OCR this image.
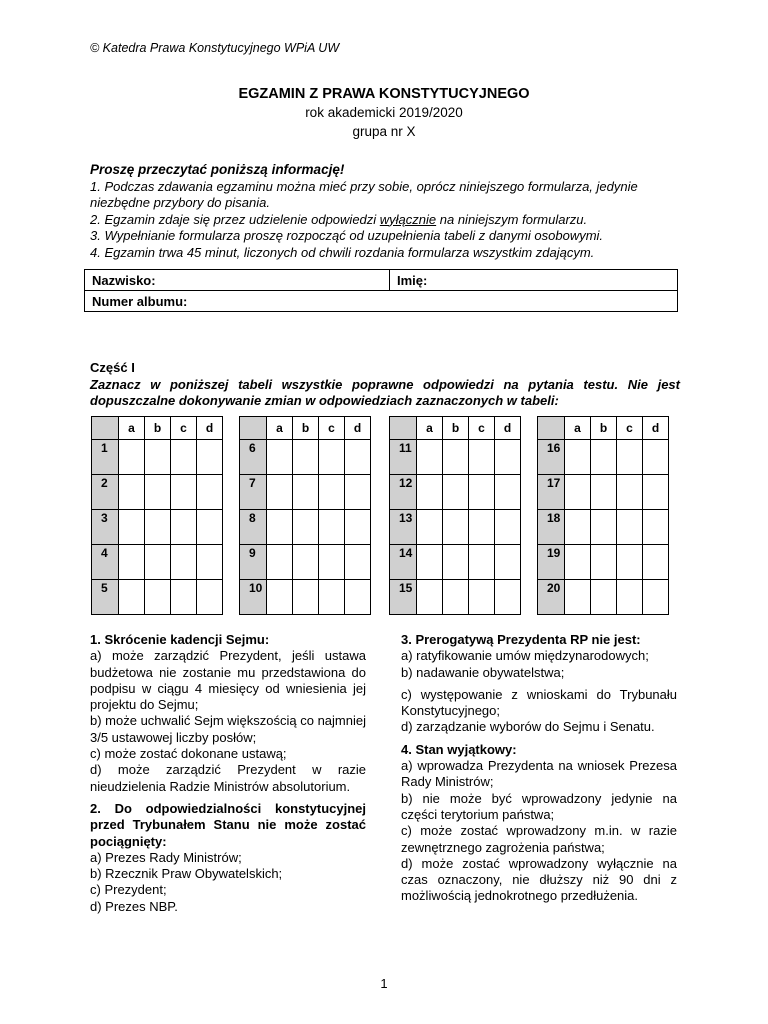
© Katedra Prawa Konstytucyjnego WPiA UW
EGZAMIN Z PRAWA KONSTYTUCYJNEGO
rok akademicki 2019/2020
grupa nr X
Proszę przeczytać poniższą informację!
1. Podczas zdawania egzaminu można mieć przy sobie, oprócz niniejszego formularza, jedynie niezbędne przybory do pisania.
2. Egzamin zdaje się przez udzielenie odpowiedzi wyłącznie na niniejszym formularzu.
3. Wypełnianie formularza proszę rozpocząć od uzupełnienia tabeli z danymi osobowymi.
4. Egzamin trwa 45 minut, liczonych od chwili rozdania formularza wszystkim zdającym.
Nazwisko:	Imię:
Numer albumu:
Część I
Zaznacz w poniższej tabeli wszystkie poprawne odpowiedzi na pytania testu. Nie jest dopuszczalne dokonywanie zmian w odpowiedziach zaznaczonych w tabeli:
	a	b	c	d
1				
2				
3				
4				
5				
	a	b	c	d
6				
7				
8				
9				
10				
	a	b	c	d
11				
12				
13				
14				
15				
	a	b	c	d
16				
17				
18				
19				
20				

1. Skrócenie kadencji Sejmu:

a) może zarządzić Prezydent, jeśli ustawa budżetowa nie zostanie mu przedstawiona do podpisu w ciągu 4 miesięcy od wniesienia jej projektu do Sejmu;

b) może uchwalić Sejm większością co najmniej 3/5 ustawowej liczby posłów;

c) może zostać dokonane ustawą;

d) może zarządzić Prezydent w razie nieudzielenia Radzie Ministrów absolutorium.

2. Do odpowiedzialności konstytucyjnej przed Trybunałem Stanu nie może zostać pociągnięty:

a) Prezes Rady Ministrów;

b) Rzecznik Praw Obywatelskich;

c) Prezydent;

d) Prezes NBP.

3. Prerogatywą Prezydenta RP nie jest:

a) ratyfikowanie umów międzynarodowych;

b) nadawanie obywatelstwa;

c) występowanie z wnioskami do Trybunału Konstytucyjnego;

d) zarządzanie wyborów do Sejmu i Senatu.

4. Stan wyjątkowy:

a) wprowadza Prezydenta na wniosek Prezesa Rady Ministrów;

b) nie może być wprowadzony jedynie na części terytorium państwa;

c) może zostać wprowadzony m.in. w razie zewnętrznego zagrożenia państwa;

d) może zostać wprowadzony wyłącznie na czas oznaczony, nie dłuższy niż 90 dni z możliwością jednokrotnego przedłużenia.

1
